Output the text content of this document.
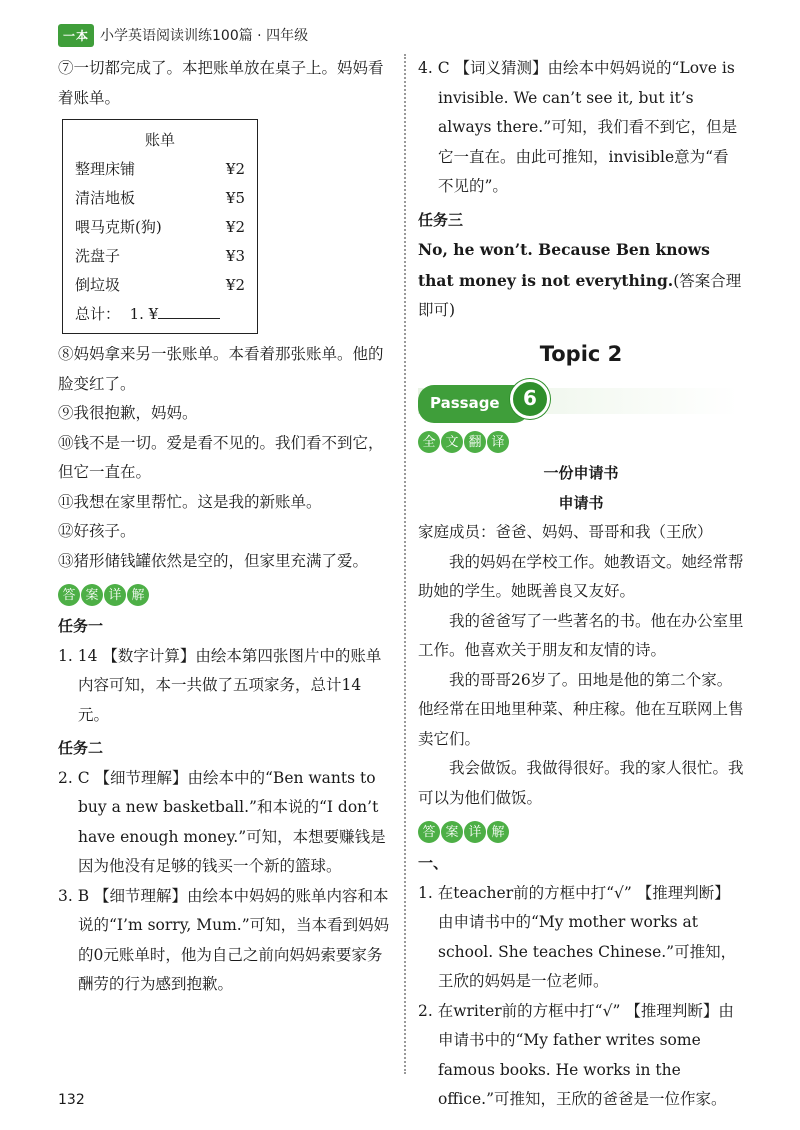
一本 小学英语阅读训练100篇 · 四年级

⑦一切都完成了。本把账单放在桌子上。妈妈看着账单。

账单
整理床铺	¥2
清洁地板	¥5
喂马克斯(狗)	¥2
洗盘子	¥3
倒垃圾	¥2
总计： 1. ¥

⑧妈妈拿来另一张账单。本看着那张账单。他的脸变红了。

⑨我很抱歉，妈妈。

⑩钱不是一切。爱是看不见的。我们看不到它，但它一直在。

⑪我想在家里帮忙。这是我的新账单。

⑫好孩子。

⑬猪形储钱罐依然是空的，但家里充满了爱。

答 案 详 解

任务一

1. 14 【数字计算】由绘本第四张图片中的账单内容可知，本一共做了五项家务，总计14元。

任务二

2. C 【细节理解】由绘本中的“Ben wants to buy a new basketball.”和本说的“I don’t have enough money.”可知，本想要赚钱是因为他没有足够的钱买一个新的篮球。

3. B 【细节理解】由绘本中妈妈的账单内容和本说的“I’m sorry, Mum.”可知，当本看到妈妈的0元账单时，他为自己之前向妈妈索要家务酬劳的行为感到抱歉。

4. C 【词义猜测】由绘本中妈妈说的“Love is invisible. We can’t see it, but it’s always there.”可知，我们看不到它，但是它一直在。由此可推知，invisible意为“看不见的”。

任务三

No, he won’t. Because Ben knows that money is not everything.(答案合理即可)

Topic 2
Passage	6
全 文 翻 译

一份申请书

申请书

家庭成员：爸爸、妈妈、哥哥和我（王欣）

我的妈妈在学校工作。她教语文。她经常帮助她的学生。她既善良又友好。

我的爸爸写了一些著名的书。他在办公室里工作。他喜欢关于朋友和友情的诗。

我的哥哥26岁了。田地是他的第二个家。他经常在田地里种菜、种庄稼。他在互联网上售卖它们。

我会做饭。我做得很好。我的家人很忙。我可以为他们做饭。

答 案 详 解

一、

1. 在teacher前的方框中打“√” 【推理判断】由申请书中的“My mother works at school. She teaches Chinese.”可推知，王欣的妈妈是一位老师。

2. 在writer前的方框中打“√” 【推理判断】由申请书中的“My father writes some famous books. He works in the office.”可推知，王欣的爸爸是一位作家。

132
